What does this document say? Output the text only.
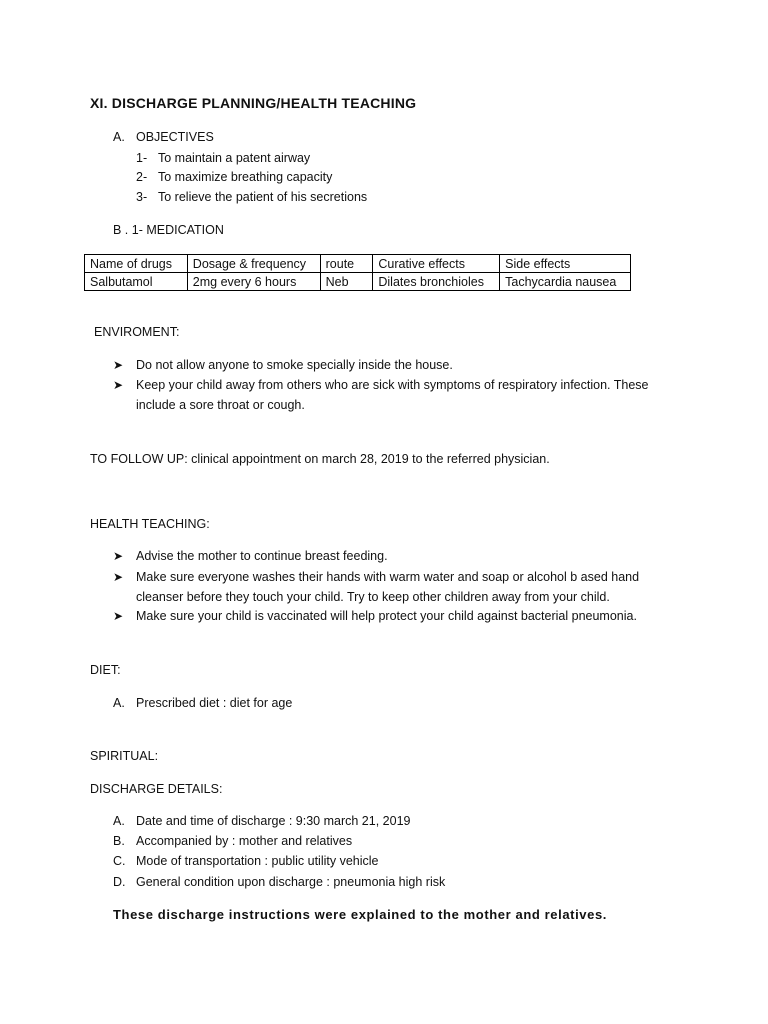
XI. DISCHARGE PLANNING/HEALTH TEACHING
A. OBJECTIVES
1- To maintain a patent airway
2- To maximize breathing capacity
3- To relieve the patient of his secretions
B . 1- MEDICATION
Name of drugs	Dosage & frequency	route	Curative effects	Side effects
Salbutamol	2mg every 6 hours	Neb	Dilates bronchioles	Tachycardia nausea
ENVIROMENT:
➤ Do not allow anyone to smoke specially inside the house.
➤ Keep your child away from others who are sick with symptoms of respiratory infection. These
include a sore throat or cough.
TO FOLLOW UP: clinical appointment on march 28, 2019 to the referred physician.
HEALTH TEACHING:
➤ Advise the mother to continue breast feeding.
➤ Make sure everyone washes their hands with warm water and soap or alcohol b ased hand
cleanser before they touch your child. Try to keep other children away from your child.
➤ Make sure your child is vaccinated will help protect your child against bacterial pneumonia.
DIET:
A. Prescribed diet : diet for age
SPIRITUAL:
DISCHARGE DETAILS:
A. Date and time of discharge : 9:30 march 21, 2019
B. Accompanied by : mother and relatives
C. Mode of transportation : public utility vehicle
D. General condition upon discharge : pneumonia high risk
These discharge instructions were explained to the mother and relatives.
